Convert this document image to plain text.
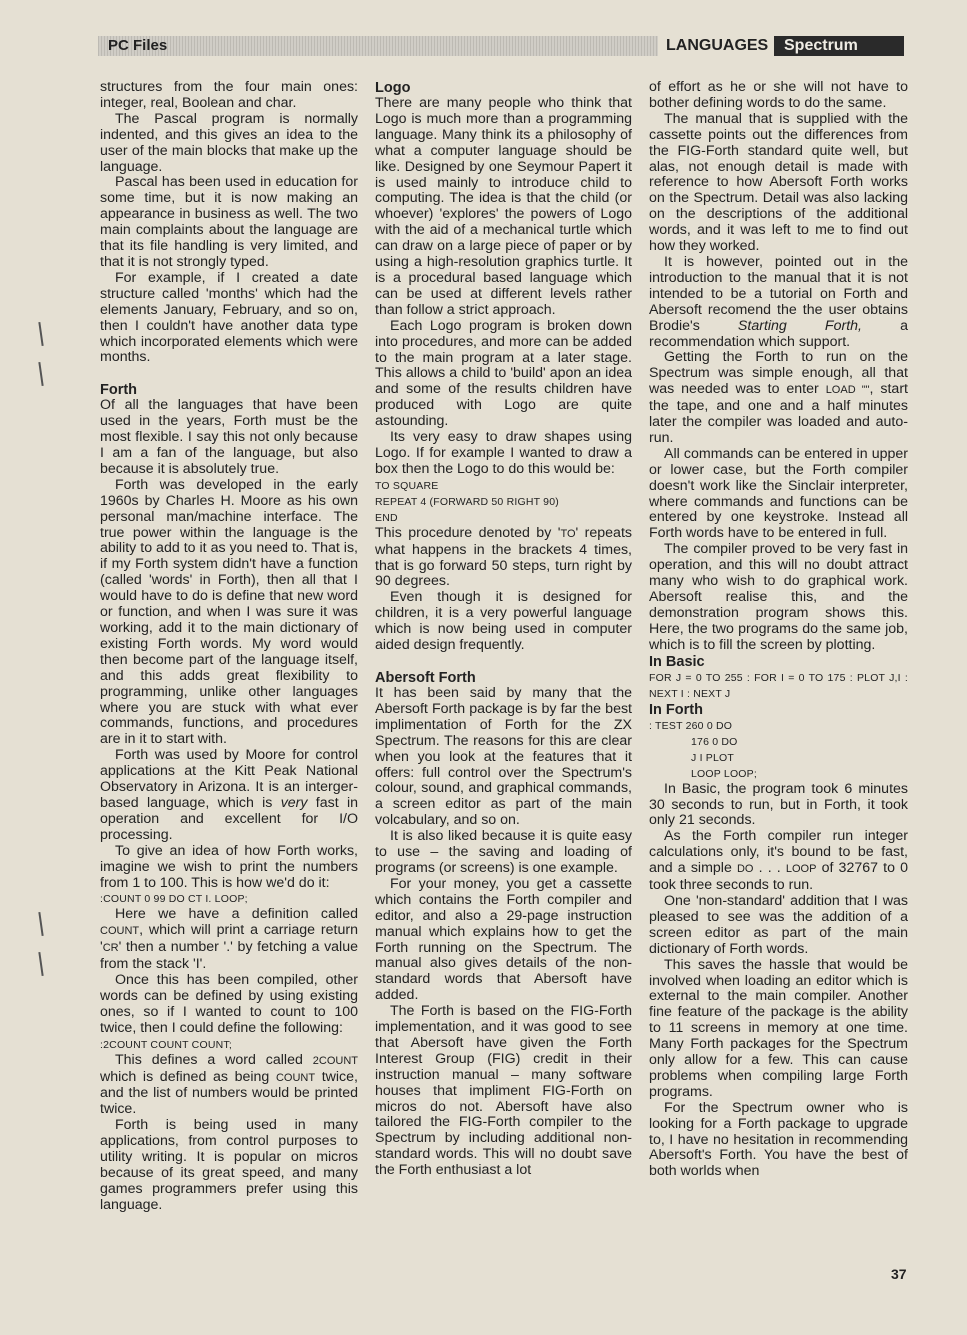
PC Files	LANGUAGES Spectrum

structures from the four main ones: integer, real, Boolean and char.

The Pascal program is normally indented, and this gives an idea to the user of the main blocks that make up the language.

Pascal has been used in education for some time, but it is now making an appearance in business as well. The two main complaints about the language are that its file handling is very limited, and that it is not strongly typed.

For example, if I created a date structure called 'months' which had the elements January, February, and so on, then I couldn't have another data type which incorporated elements which were months.

Forth

Of all the languages that have been used in the years, Forth must be the most flexible. I say this not only because I am a fan of the language, but also because it is absolutely true.

Forth was developed in the early 1960s by Charles H. Moore as his own personal man/machine interface. The true power within the language is the ability to add to it as you need to. That is, if my Forth system didn't have a function (called 'words' in Forth), then all that I would have to do is define that new word or function, and when I was sure it was working, add it to the main dictionary of existing Forth words. My word would then become part of the language itself, and this adds great flexibility to programming, unlike other languages where you are stuck with what ever commands, functions, and procedures are in it to start with.

Forth was used by Moore for control applications at the Kitt Peak National Observatory in Arizona. It is an interger-based language, which is very fast in operation and excellent for I/O processing.

To give an idea of how Forth works, imagine we wish to print the numbers from 1 to 100. This is how we'd do it:

:COUNT 0 99 DO CT I. LOOP;

Here we have a definition called COUNT, which will print a carriage return 'CR' then a number '.' by fetching a value from the stack 'I'.

Once this has been compiled, other words can be defined by using existing ones, so if I wanted to count to 100 twice, then I could define the following:

:2COUNT COUNT COUNT;

This defines a word called 2COUNT which is defined as being COUNT twice, and the list of numbers would be printed twice.

Forth is being used in many applications, from control purposes to utility writing. It is popular on micros because of its great speed, and many games programmers prefer using this language.

Logo

There are many people who think that Logo is much more than a programming language. Many think its a philosophy of what a computer language should be like. Designed by one Seymour Papert it is used mainly to introduce child to computing. The idea is that the child (or whoever) 'explores' the powers of Logo with the aid of a mechanical turtle which can draw on a large piece of paper or by using a high-resolution graphics turtle. It is a procedural based language which can be used at different levels rather than follow a strict approach.

Each Logo program is broken down into procedures, and more can be added to the main program at a later stage. This allows a child to 'build' apon an idea and some of the results children have produced with Logo are quite astounding.

Its very easy to draw shapes using Logo. If for example I wanted to draw a box then the Logo to do this would be:

TO SQUARE

REPEAT 4 (FORWARD 50 RIGHT 90)

END

This procedure denoted by 'TO' repeats what happens in the brackets 4 times, that is go forward 50 steps, turn right by 90 degrees.

Even though it is designed for children, it is a very powerful language which is now being used in computer aided design frequently.

Abersoft Forth

It has been said by many that the Abersoft Forth package is by far the best implimentation of Forth for the ZX Spectrum. The reasons for this are clear when you look at the features that it offers: full control over the Spectrum's colour, sound, and graphical commands, a screen editor as part of the main volcabulary, and so on.

It is also liked because it is quite easy to use – the saving and loading of programs (or screens) is one example.

For your money, you get a cassette which contains the Forth compiler and editor, and also a 29-page instruction manual which explains how to get the Forth running on the Spectrum. The manual also gives details of the non-standard words that Abersoft have added.

The Forth is based on the FIG-Forth implementation, and it was good to see that Abersoft have given the Forth Interest Group (FIG) credit in their instruction manual – many software houses that impliment FIG-Forth on micros do not. Abersoft have also tailored the FIG-Forth compiler to the Spectrum by including additional non-standard words. This will no doubt save the Forth enthusiast a lot

of effort as he or she will not have to bother defining words to do the same.

The manual that is supplied with the cassette points out the differences from the FIG-Forth standard quite well, but alas, not enough detail is made with reference to how Abersoft Forth works on the Spectrum. Detail was also lacking on the descriptions of the additional words, and it was left to me to find out how they worked.

It is however, pointed out in the introduction to the manual that it is not intended to be a tutorial on Forth and Abersoft recomend the the user obtains Brodie's Starting Forth, a recommendation which support.

Getting the Forth to run on the Spectrum was simple enough, all that was needed was to enter LOAD "", start the tape, and one and a half minutes later the compiler was loaded and auto-run.

All commands can be entered in upper or lower case, but the Forth compiler doesn't work like the Sinclair interpreter, where commands and functions can be entered by one keystroke. Instead all Forth words have to be entered in full.

The compiler proved to be very fast in operation, and this will no doubt attract many who wish to do graphical work. Abersoft realise this, and the demonstration program shows this. Here, the two programs do the same job, which is to fill the screen by plotting.

In Basic

FOR J = 0 TO 255 : FOR I = 0 TO 175 : PLOT J,I : NEXT I : NEXT J

In Forth

: TEST 260 0 DO

176 0 DO

J I PLOT

LOOP LOOP;

In Basic, the program took 6 minutes 30 seconds to run, but in Forth, it took only 21 seconds.

As the Forth compiler run integer calculations only, it's bound to be fast, and a simple DO . . . LOOP of 32767 to 0 took three seconds to run.

One 'non-standard' addition that I was pleased to see was the addition of a screen editor as part of the main dictionary of Forth words.

This saves the hassle that would be involved when loading an editor which is external to the main compiler. Another fine feature of the package is the ability to 11 screens in memory at one time. Many Forth packages for the Spectrum only allow for a few. This can cause problems when compiling large Forth programs.

For the Spectrum owner who is looking for a Forth package to upgrade to, I have no hesitation in recommending Abersoft's Forth. You have the best of both worlds when

37
